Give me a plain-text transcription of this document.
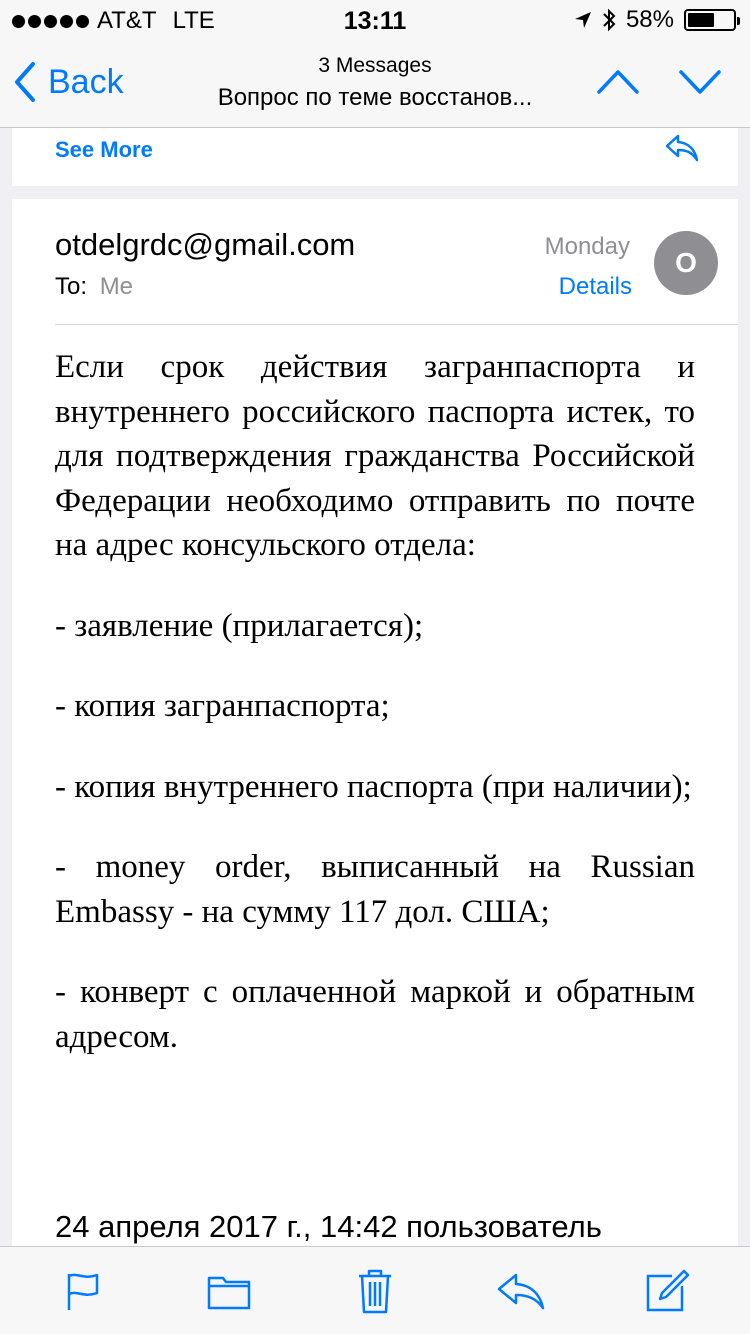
AT&T LTE	13:11	58%
Back	3 Messages
Вопрос по теме восстанов...
See More
otdelgrdc@gmail.com
To: Me
Monday
Details
O

Если срок действия загранпаспорта и внутреннего российского паспорта истек, то для подтверждения гражданства Российской Федерации необходимо отправить по почте на адрес консульского отдела:

- заявление (прилагается);

- копия загранпаспорта;

- копия внутреннего паспорта (при наличии);

- money order, выписанный на Russian Embassy - на сумму 117 дол. США;

- конверт с оплаченной маркой и обратным адресом.

24 апреля 2017 г., 14:42 пользователь
